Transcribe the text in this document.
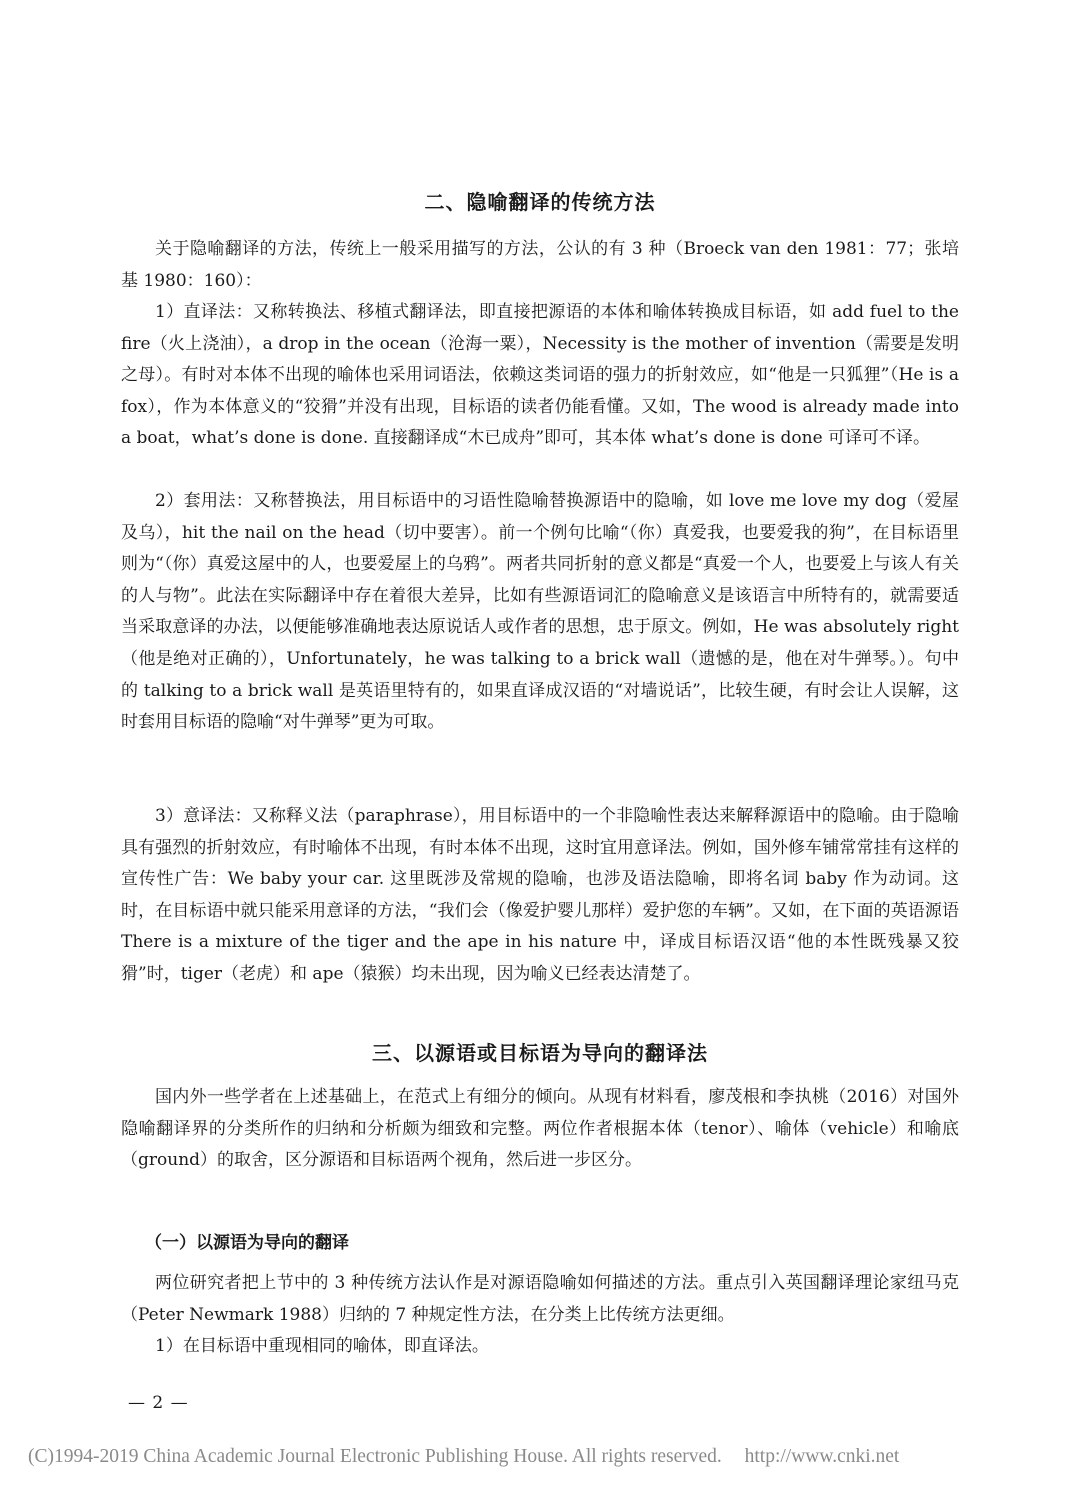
二、隐喻翻译的传统方法

关于隐喻翻译的方法，传统上一般采用描写的方法，公认的有 3 种（Broeck van den 1981：77；张培基 1980：160）：

1）直译法：又称转换法、移植式翻译法，即直接把源语的本体和喻体转换成目标语，如 add fuel to the fire（火上浇油），a drop in the ocean（沧海一粟），Necessity is the mother of invention（需要是发明之母）。有时对本体不出现的喻体也采用词语法，依赖这类词语的强力的折射效应，如“他是一只狐狸”（He is a fox），作为本体意义的“狡猾”并没有出现，目标语的读者仍能看懂。又如，The wood is already made into a boat，what’s done is done. 直接翻译成“木已成舟”即可，其本体 what’s done is done 可译可不译。

2）套用法：又称替换法，用目标语中的习语性隐喻替换源语中的隐喻，如 love me love my dog（爱屋及乌），hit the nail on the head（切中要害）。前一个例句比喻“（你）真爱我，也要爱我的狗”，在目标语里则为“（你）真爱这屋中的人，也要爱屋上的乌鸦”。两者共同折射的意义都是“真爱一个人，也要爱上与该人有关的人与物”。此法在实际翻译中存在着很大差异，比如有些源语词汇的隐喻意义是该语言中所特有的，就需要适当采取意译的办法，以便能够准确地表达原说话人或作者的思想，忠于原文。例如，He was absolutely right（他是绝对正确的），Unfortunately，he was talking to a brick wall（遗憾的是，他在对牛弹琴。）。句中的 talking to a brick wall 是英语里特有的，如果直译成汉语的“对墙说话”，比较生硬，有时会让人误解，这时套用目标语的隐喻“对牛弹琴”更为可取。

3）意译法：又称释义法（paraphrase），用目标语中的一个非隐喻性表达来解释源语中的隐喻。由于隐喻具有强烈的折射效应，有时喻体不出现，有时本体不出现，这时宜用意译法。例如，国外修车铺常常挂有这样的宣传性广告：We baby your car. 这里既涉及常规的隐喻，也涉及语法隐喻，即将名词 baby 作为动词。这时，在目标语中就只能采用意译的方法，“我们会（像爱护婴儿那样）爱护您的车辆”。又如，在下面的英语源语 There is a mixture of the tiger and the ape in his nature 中，译成目标语汉语“他的本性既残暴又狡猾”时，tiger（老虎）和 ape（猿猴）均未出现，因为喻义已经表达清楚了。

三、以源语或目标语为导向的翻译法

国内外一些学者在上述基础上，在范式上有细分的倾向。从现有材料看，廖茂根和李执桃（2016）对国外隐喻翻译界的分类所作的归纳和分析颇为细致和完整。两位作者根据本体（tenor）、喻体（vehicle）和喻底（ground）的取舍，区分源语和目标语两个视角，然后进一步区分。

（一）以源语为导向的翻译

两位研究者把上节中的 3 种传统方法认作是对源语隐喻如何描述的方法。重点引入英国翻译理论家纽马克（Peter Newmark 1988）归纳的 7 种规定性方法，在分类上比传统方法更细。

1）在目标语中重现相同的喻体，即直译法。

— 2 —
(C)1994-2019 China Academic Journal Electronic Publishing House. All rights reserved. http://www.cnki.net
